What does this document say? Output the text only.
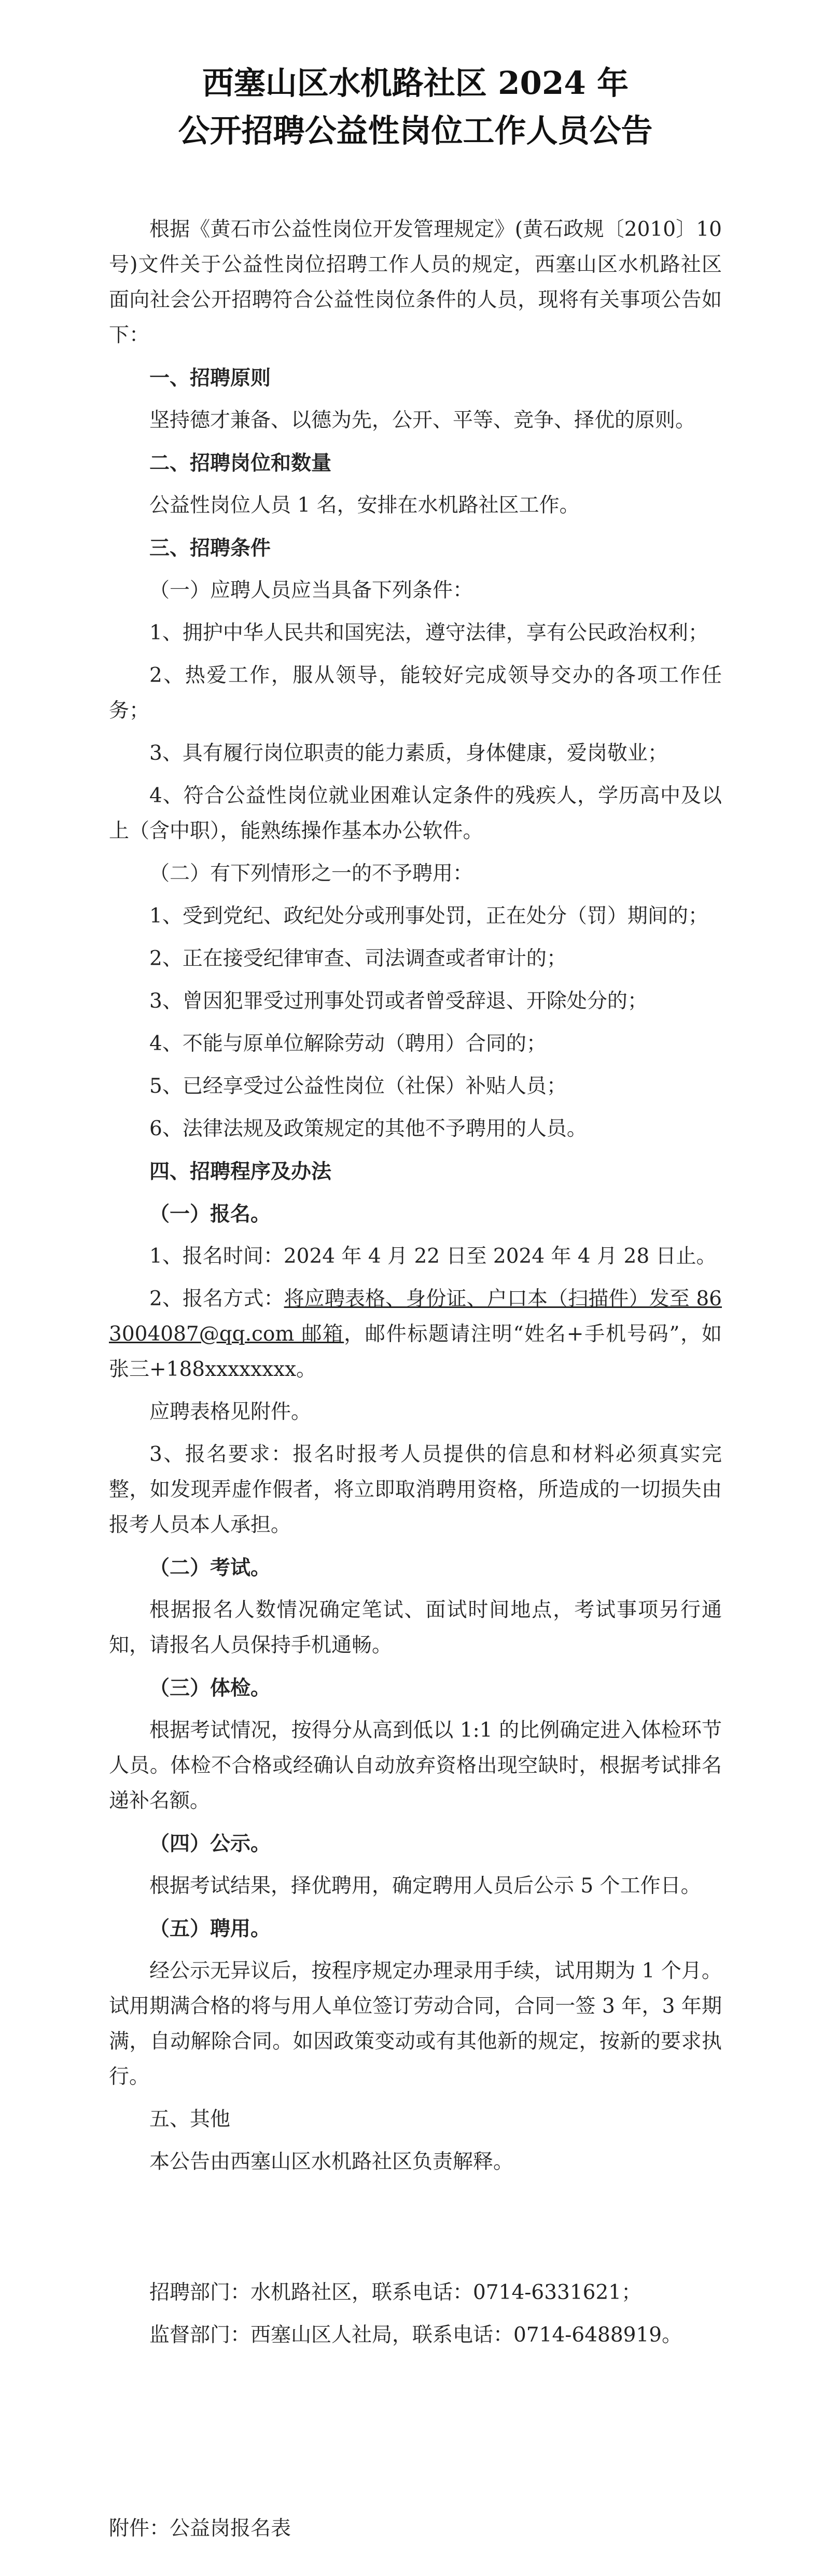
西塞山区水机路社区 2024 年
公开招聘公益性岗位工作人员公告

根据《黄石市公益性岗位开发管理规定》(黄石政规〔2010〕10 号)文件关于公益性岗位招聘工作人员的规定，西塞山区水机路社区面向社会公开招聘符合公益性岗位条件的人员，现将有关事项公告如下：

一、招聘原则

坚持德才兼备、以德为先，公开、平等、竞争、择优的原则。

二、招聘岗位和数量

公益性岗位人员 1 名，安排在水机路社区工作。

三、招聘条件

（一）应聘人员应当具备下列条件：

1、拥护中华人民共和国宪法，遵守法律，享有公民政治权利；

2、热爱工作，服从领导，能较好完成领导交办的各项工作任务；

3、具有履行岗位职责的能力素质，身体健康，爱岗敬业；

4、符合公益性岗位就业困难认定条件的残疾人，学历高中及以上（含中职），能熟练操作基本办公软件。

（二）有下列情形之一的不予聘用：

1、受到党纪、政纪处分或刑事处罚，正在处分（罚）期间的；

2、正在接受纪律审查、司法调查或者审计的；

3、曾因犯罪受过刑事处罚或者曾受辞退、开除处分的；

4、不能与原单位解除劳动（聘用）合同的；

5、已经享受过公益性岗位（社保）补贴人员；

6、法律法规及政策规定的其他不予聘用的人员。

四、招聘程序及办法
（一）报名。

1、报名时间：2024 年 4 月 22 日至 2024 年 4 月 28 日止。

2、报名方式：将应聘表格、身份证、户口本（扫描件）发至 863004087@qq.com 邮箱，邮件标题请注明“姓名+手机号码”，如张三+188xxxxxxxx。

应聘表格见附件。

3、报名要求：报名时报考人员提供的信息和材料必须真实完整，如发现弄虚作假者，将立即取消聘用资格，所造成的一切损失由报考人员本人承担。

（二）考试。

根据报名人数情况确定笔试、面试时间地点，考试事项另行通知，请报名人员保持手机通畅。

（三）体检。

根据考试情况，按得分从高到低以 1:1 的比例确定进入体检环节人员。体检不合格或经确认自动放弃资格出现空缺时，根据考试排名递补名额。

（四）公示。

根据考试结果，择优聘用，确定聘用人员后公示 5 个工作日。

（五）聘用。

经公示无异议后，按程序规定办理录用手续，试用期为 1 个月。试用期满合格的将与用人单位签订劳动合同，合同一签 3 年，3 年期满，自动解除合同。如因政策变动或有其他新的规定，按新的要求执行。

五、其他

本公告由西塞山区水机路社区负责解释。

招聘部门：水机路社区，联系电话：0714-6331621；

监督部门：西塞山区人社局，联系电话：0714-6488919。

附件：公益岗报名表
